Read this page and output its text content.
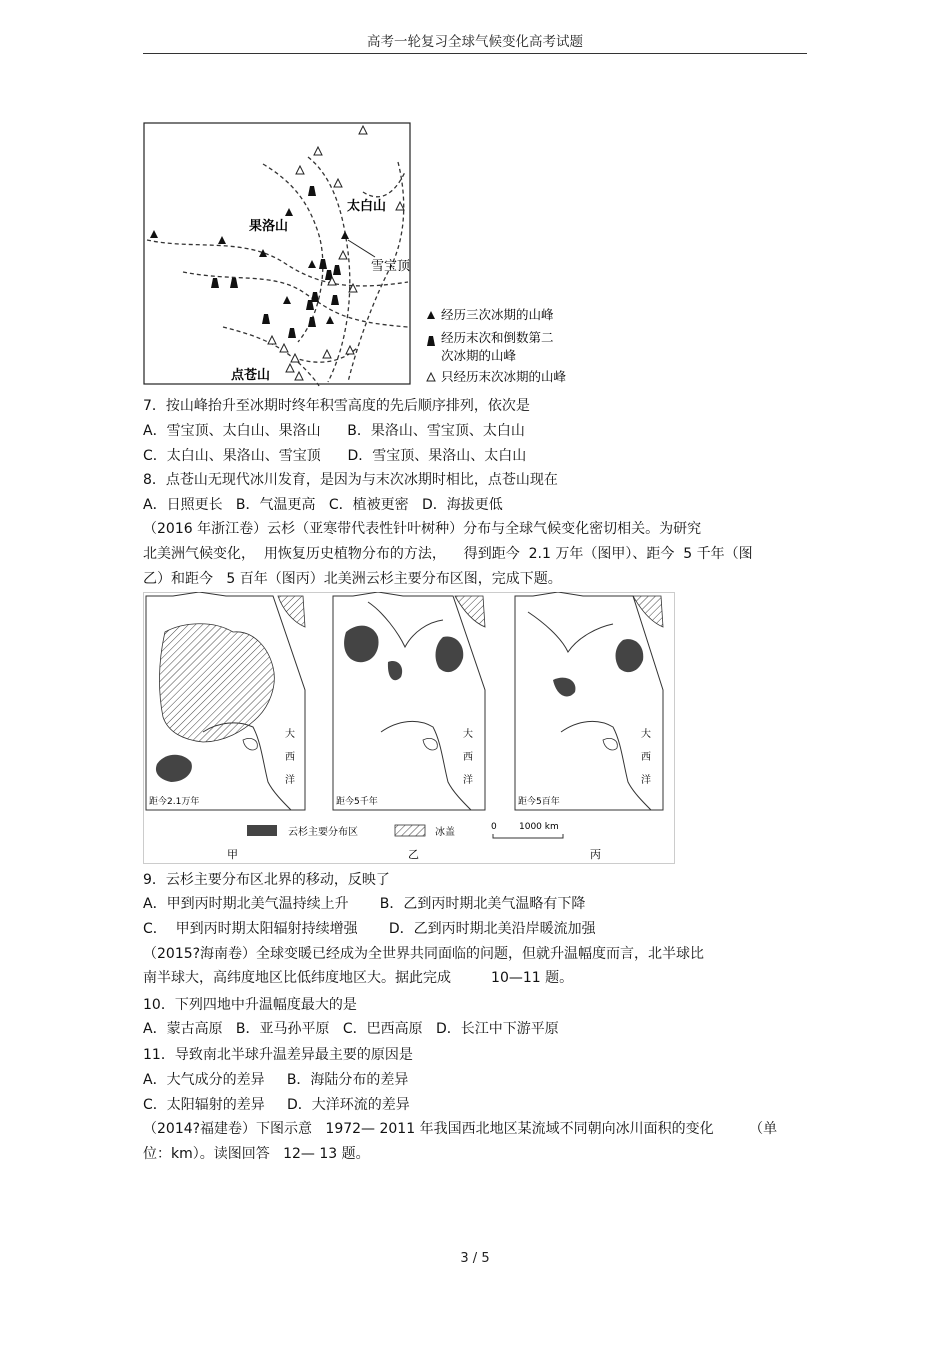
高考一轮复习全球气候变化高考试题
果洛山
太白山
雪宝顶
点苍山
经历三次冰期的山峰
经历末次和倒数第二
次冰期的山峰
只经历末次冰期的山峰
距今2.1万年
大
西
洋
距今5千年
大
西
洋
距今5百年
大
西
洋
云杉主要分布区	冰盖	0 1000 km
甲	乙	丙
7．按山峰抬升至冰期时终年积雪高度的先后顺序排列，依次是
A．雪宝顶、太白山、果洛山      B．果洛山、雪宝顶、太白山
C．太白山、果洛山、雪宝顶      D．雪宝顶、果洛山、太白山
8．点苍山无现代冰川发育，是因为与末次冰期时相比，点苍山现在
A．日照更长   B．气温更高   C．植被更密   D．海拔更低
（2016 年浙江卷）云杉（亚寒带代表性针叶树种）分布与全球气候变化密切相关。为研究
北美洲气候变化，  用恢复历史植物分布的方法，    得到距今  2.1 万年（图甲）、距今  5 千年（图
乙）和距今   5 百年（图丙）北美洲云杉主要分布区图，完成下题。
9．云杉主要分布区北界的移动，反映了
A．甲到丙时期北美气温持续上升       B．乙到丙时期北美气温略有下降
C．  甲到丙时期太阳辐射持续增强       D．乙到丙时期北美沿岸暖流加强
（2015?海南卷）全球变暖已经成为全世界共同面临的问题，但就升温幅度而言，北半球比
南半球大，高纬度地区比低纬度地区大。据此完成         10—11 题。
10．下列四地中升温幅度最大的是
A．蒙古高原   B．亚马孙平原   C．巴西高原   D．长江中下游平原
11．导致南北半球升温差异最主要的原因是
A．大气成分的差异     B．海陆分布的差异
C．太阳辐射的差异     D．大洋环流的差异
（2014?福建卷）下图示意   1972— 2011 年我国西北地区某流域不同朝向冰川面积的变化        （单
位：km）。读图回答   12— 13 题。
3 / 5
